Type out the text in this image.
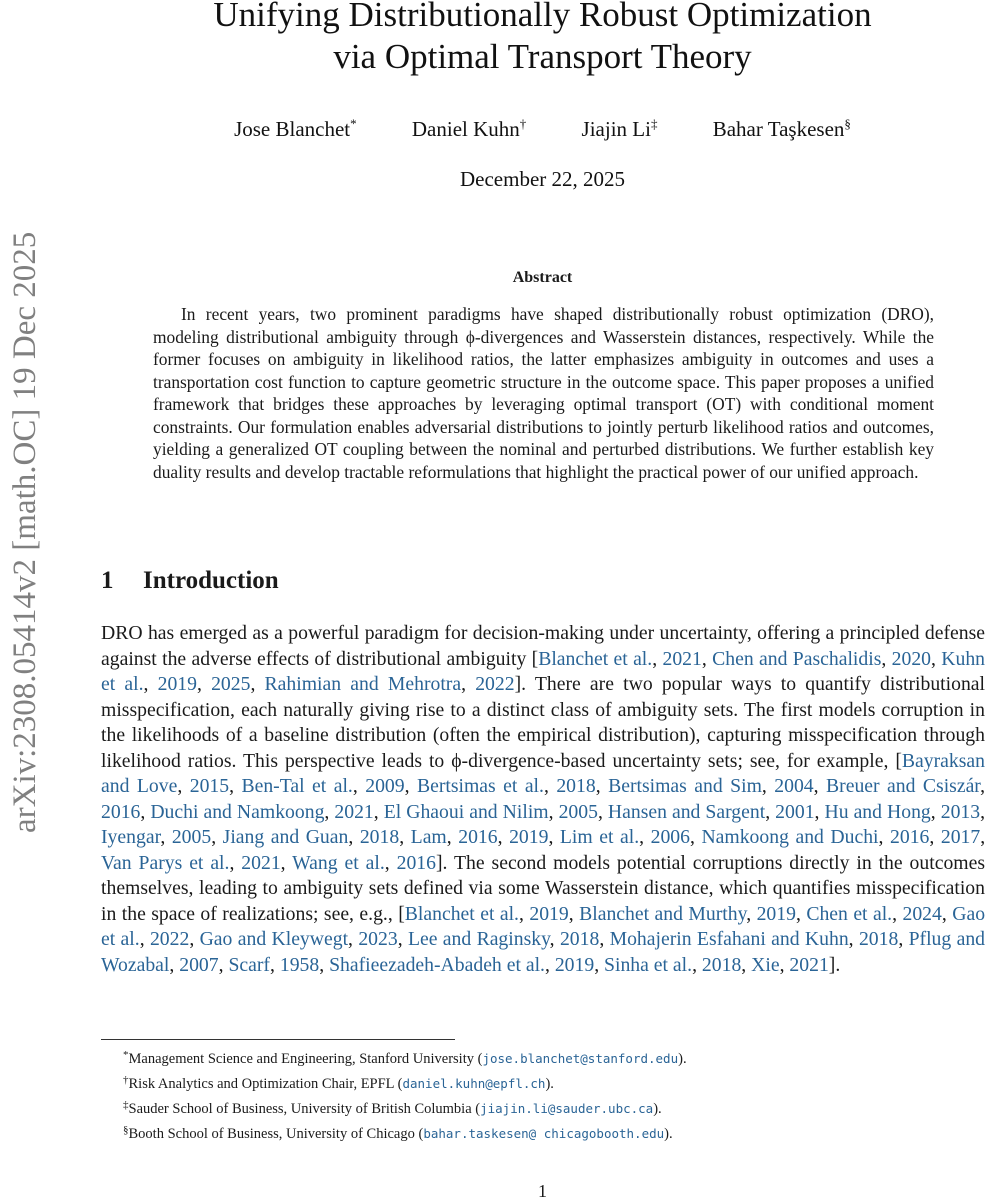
arXiv:2308.05414v2 [math.OC] 19 Dec 2025
Unifying Distributionally Robust Optimization
via Optimal Transport Theory
Jose Blanchet*	Daniel Kuhn†	Jiajin Li‡	Bahar Taşkesen§
December 22, 2025
Abstract

In recent years, two prominent paradigms have shaped distributionally robust optimization (DRO), modeling distributional ambiguity through ϕ-divergences and Wasserstein distances, respectively. While the former focuses on ambiguity in likelihood ratios, the latter emphasizes ambiguity in outcomes and uses a transportation cost function to capture geometric structure in the outcome space. This paper proposes a unified framework that bridges these approaches by leveraging optimal transport (OT) with conditional moment constraints. Our formulation enables adversarial distributions to jointly perturb likelihood ratios and outcomes, yielding a generalized OT coupling between the nominal and perturbed distributions. We further establish key duality results and develop tractable reformulations that highlight the practical power of our unified approach.

1 Introduction

DRO has emerged as a powerful paradigm for decision-making under uncertainty, offering a principled defense against the adverse effects of distributional ambiguity [Blanchet et al., 2021, Chen and Paschalidis, 2020, Kuhn et al., 2019, 2025, Rahimian and Mehrotra, 2022]. There are two popular ways to quantify distributional misspecification, each naturally giving rise to a distinct class of ambiguity sets. The first models corruption in the likelihoods of a baseline distribution (often the empirical distribution), capturing misspecification through likelihood ratios. This perspective leads to ϕ-divergence-based uncertainty sets; see, for example, [Bayraksan and Love, 2015, Ben-Tal et al., 2009, Bertsimas et al., 2018, Bertsimas and Sim, 2004, Breuer and Csiszár, 2016, Duchi and Namkoong, 2021, El Ghaoui and Nilim, 2005, Hansen and Sargent, 2001, Hu and Hong, 2013, Iyengar, 2005, Jiang and Guan, 2018, Lam, 2016, 2019, Lim et al., 2006, Namkoong and Duchi, 2016, 2017, Van Parys et al., 2021, Wang et al., 2016]. The second models potential corruptions directly in the outcomes themselves, leading to ambiguity sets defined via some Wasserstein distance, which quantifies misspecification in the space of realizations; see, e.g., [Blanchet et al., 2019, Blanchet and Murthy, 2019, Chen et al., 2024, Gao et al., 2022, Gao and Kleywegt, 2023, Lee and Raginsky, 2018, Mohajerin Esfahani and Kuhn, 2018, Pflug and Wozabal, 2007, Scarf, 1958, Shafieezadeh-Abadeh et al., 2019, Sinha et al., 2018, Xie, 2021].

*Management Science and Engineering, Stanford University (jose.blanchet@stanford.edu).
†Risk Analytics and Optimization Chair, EPFL (daniel.kuhn@epfl.ch).
‡Sauder School of Business, University of British Columbia (jiajin.li@sauder.ubc.ca).
§Booth School of Business, University of Chicago (bahar.taskesen@ chicagobooth.edu).
1
